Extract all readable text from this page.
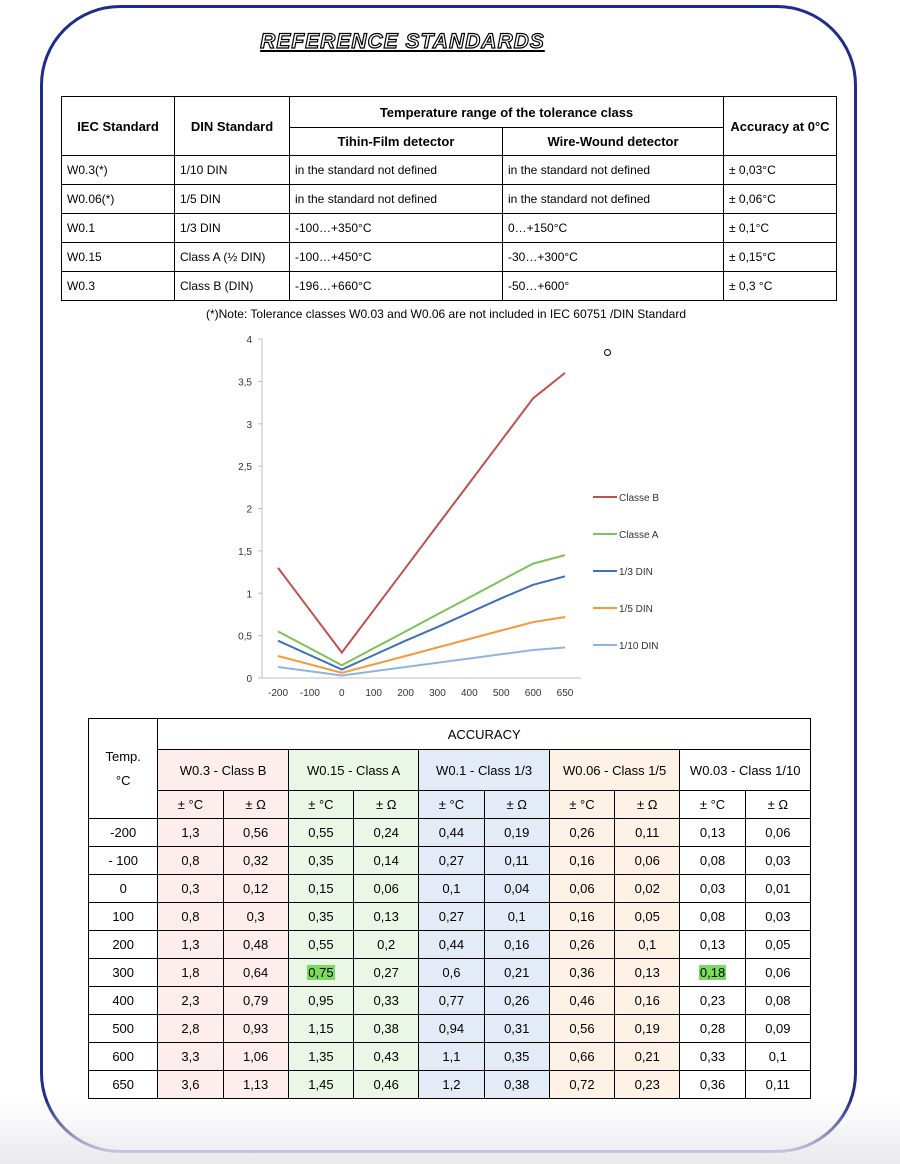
REFERENCE STANDARDS
IEC Standard	DIN Standard	Temperature range of the tolerance class		Accuracy at 0°C
		Tihin-Film detector	Wire-Wound detector	
W0.3(*)	1/10 DIN	in the standard not defined	in the standard not defined	± 0,03°C
W0.06(*)	1/5 DIN	in the standard not defined	in the standard not defined	± 0,06°C
W0.1	1/3 DIN	-100…+350°C	0…+150°C	± 0,1°C
W0.15	Class A (½ DIN)	-100…+450°C	-30…+300°C	± 0,15°C
W0.3	Class B (DIN)	-196…+660°C	-50…+600°	± 0,3 °C
(*)Note: Tolerance classes W0.03 and W0.06 are not included in IEC 60751 /DIN Standard
0
0,5
1
1,5
2
2,5
3
3,5
4
-200 -100 0 100 200 300 400 500 600 650
Classe B
Classe A
1/3 DIN
1/5 DIN
1/10 DIN
Temp.
°C	ACCURACY									
	W0.3 - Class B		W0.15 - Class A		W0.1 - Class 1/3		W0.06 - Class 1/5		W0.03 - Class 1/10	
	± °C	± Ω	± °C	± Ω	± °C	± Ω	± °C	± Ω	± °C	± Ω
-200	1,3	0,56	0,55	0,24	0,44	0,19	0,26	0,11	0,13	0,06
- 100	0,8	0,32	0,35	0,14	0,27	0,11	0,16	0,06	0,08	0,03
0	0,3	0,12	0,15	0,06	0,1	0,04	0,06	0,02	0,03	0,01
100	0,8	0,3	0,35	0,13	0,27	0,1	0,16	0,05	0,08	0,03
200	1,3	0,48	0,55	0,2	0,44	0,16	0,26	0,1	0,13	0,05
300	1,8	0,64	0,75	0,27	0,6	0,21	0,36	0,13	0,18	0,06
400	2,3	0,79	0,95	0,33	0,77	0,26	0,46	0,16	0,23	0,08
500	2,8	0,93	1,15	0,38	0,94	0,31	0,56	0,19	0,28	0,09
600	3,3	1,06	1,35	0,43	1,1	0,35	0,66	0,21	0,33	0,1
650	3,6	1,13	1,45	0,46	1,2	0,38	0,72	0,23	0,36	0,11
